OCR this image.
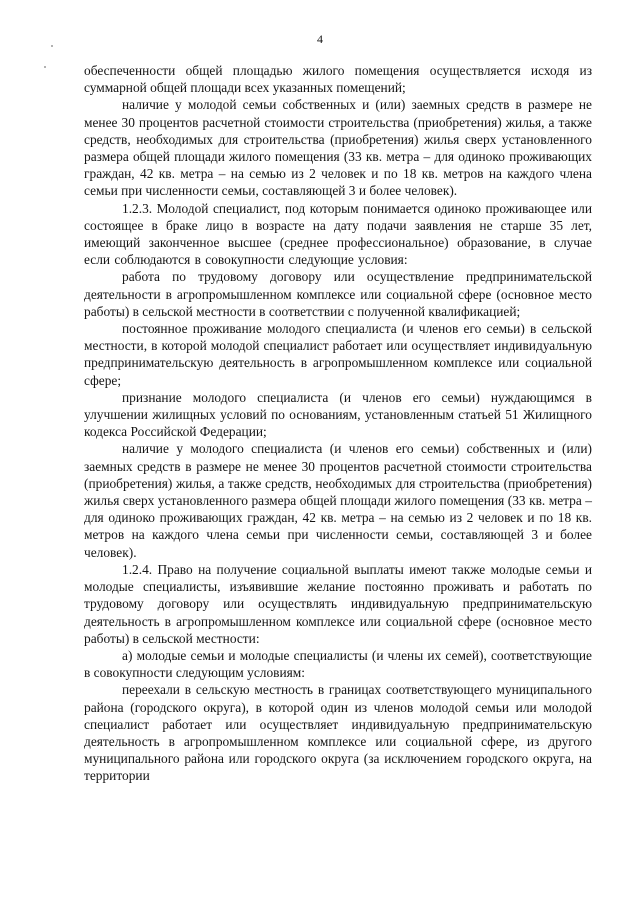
4

обеспеченности общей площадью жилого помещения осуществляется исходя из суммарной общей площади всех указанных помещений;

наличие у молодой семьи собственных и (или) заемных средств в размере не менее 30 процентов расчетной стоимости строительства (приобретения) жилья, а также средств, необходимых для строительства (приобретения) жилья сверх установленного размера общей площади жилого помещения (33 кв. метра – для одиноко проживающих граждан, 42 кв. метра – на семью из 2 человек и по 18 кв. метров на каждого члена семьи при численности семьи, составляющей 3 и более человек).

1.2.3. Молодой специалист, под которым понимается одиноко проживающее или состоящее в браке лицо в возрасте на дату подачи заявления не старше 35 лет, имеющий законченное высшее (среднее профессиональное) образование, в случае если соблюдаются в совокупности следующие условия:

работа по трудовому договору или осуществление предпринимательской деятельности в агропромышленном комплексе или социальной сфере (основное место работы) в сельской местности в соответствии с полученной квалификацией;

постоянное проживание молодого специалиста (и членов его семьи) в сельской местности, в которой молодой специалист работает или осуществляет индивидуальную предпринимательскую деятельность в агропромышленном комплексе или социальной сфере;

признание молодого специалиста (и членов его семьи) нуждающимся в улучшении жилищных условий по основаниям, установленным статьей 51 Жилищного кодекса Российской Федерации;

наличие у молодого специалиста (и членов его семьи) собственных и (или) заемных средств в размере не менее 30 процентов расчетной стоимости строительства (приобретения) жилья, а также средств, необходимых для строительства (приобретения) жилья сверх установленного размера общей площади жилого помещения (33 кв. метра – для одиноко проживающих граждан, 42 кв. метра – на семью из 2 человек и по 18 кв. метров на каждого члена семьи при численности семьи, составляющей 3 и более человек).

1.2.4. Право на получение социальной выплаты имеют также молодые семьи и молодые специалисты, изъявившие желание постоянно проживать и работать по трудовому договору или осуществлять индивидуальную предпринимательскую деятельность в агропромышленном комплексе или социальной сфере (основное место работы) в сельской местности:

а) молодые семьи и молодые специалисты (и члены их семей), соответствующие в совокупности следующим условиям:

переехали в сельскую местность в границах соответствующего муниципального района (городского округа), в которой один из членов молодой семьи или молодой специалист работает или осуществляет индивидуальную предпринимательскую деятельность в агропромышленном комплексе или социальной сфере, из другого муниципального района или городского округа (за исключением городского округа, на территории
